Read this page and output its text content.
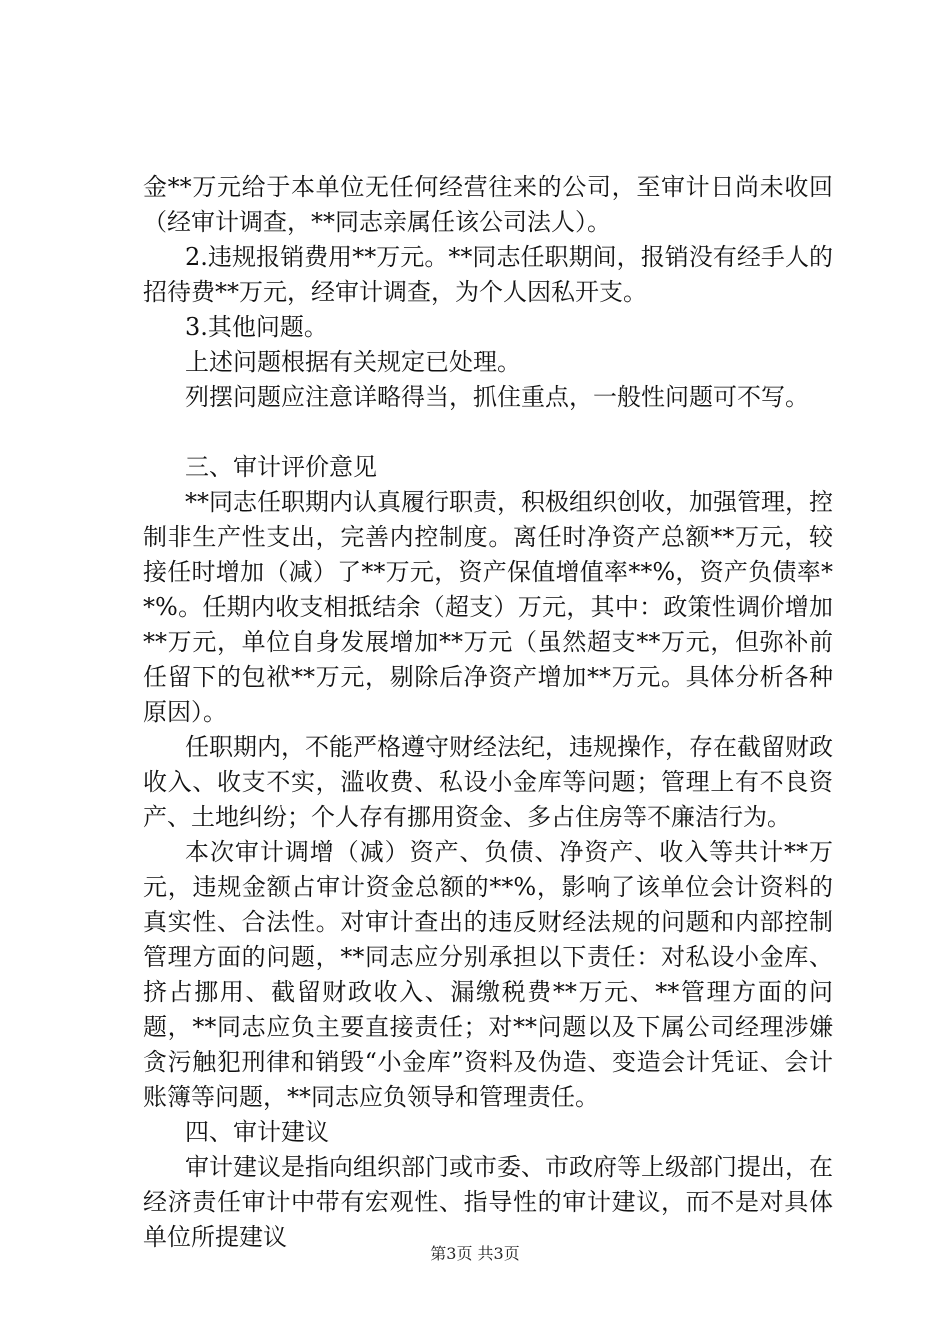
金**万元给于本单位无任何经营往来的公司，至审计日尚未收回（经审计调查，**同志亲属任该公司法人）。

2.违规报销费用**万元。**同志任职期间，报销没有经手人的招待费**万元，经审计调查，为个人因私开支。

3.其他问题。

上述问题根据有关规定已处理。

列摆问题应注意详略得当，抓住重点，一般性问题可不写。

三、审计评价意见

**同志任职期内认真履行职责，积极组织创收，加强管理，控制非生产性支出，完善内控制度。离任时净资产总额**万元，较接任时增加（减）了**万元，资产保值增值率**%，资产负债率**%。任期内收支相抵结余（超支）万元，其中：政策性调价增加**万元，单位自身发展增加**万元（虽然超支**万元，但弥补前任留下的包袱**万元，剔除后净资产增加**万元。具体分析各种原因）。

任职期内，不能严格遵守财经法纪，违规操作，存在截留财政收入、收支不实，滥收费、私设小金库等问题；管理上有不良资产、土地纠纷；个人存有挪用资金、多占住房等不廉洁行为。

本次审计调增（减）资产、负债、净资产、收入等共计**万元，违规金额占审计资金总额的**%，影响了该单位会计资料的真实性、合法性。对审计查出的违反财经法规的问题和内部控制管理方面的问题，**同志应分别承担以下责任：对私设小金库、挤占挪用、截留财政收入、漏缴税费**万元、**管理方面的问题，**同志应负主要直接责任；对**问题以及下属公司经理涉嫌贪污触犯刑律和销毁“小金库”资料及伪造、变造会计凭证、会计账簿等问题，**同志应负领导和管理责任。

四、审计建议

审计建议是指向组织部门或市委、市政府等上级部门提出，在经济责任审计中带有宏观性、指导性的审计建议，而不是对具体单位所提建议

第3页 共3页
